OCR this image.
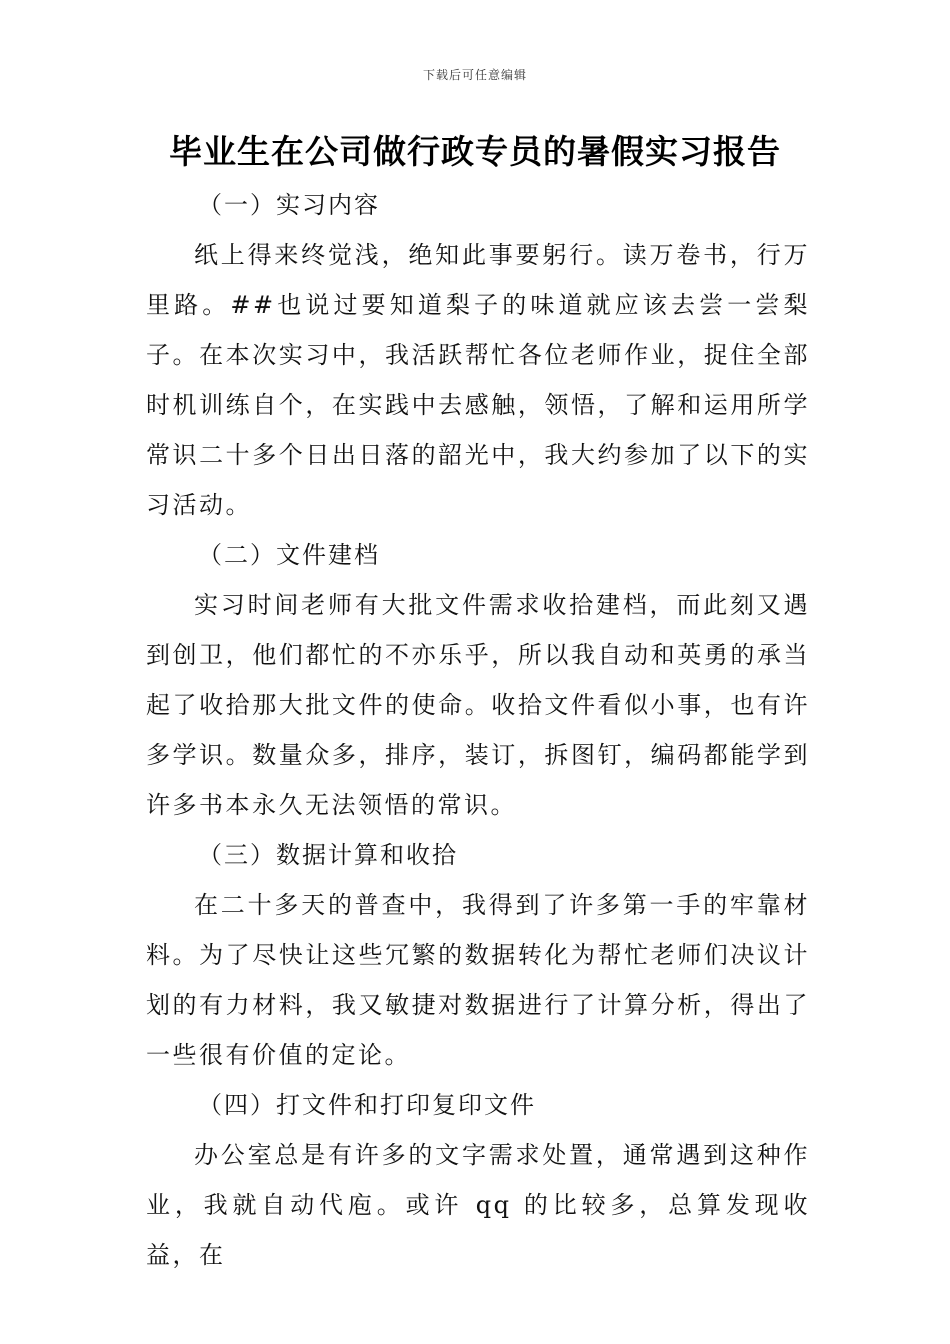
下载后可任意编辑
毕业生在公司做行政专员的暑假实习报告

（一）实习内容

纸上得来终觉浅，绝知此事要躬行。读万卷书，行万里路。##也说过要知道梨子的味道就应该去尝一尝梨子。在本次实习中，我活跃帮忙各位老师作业，捉住全部时机训练自个，在实践中去感触，领悟，了解和运用所学常识二十多个日出日落的韶光中，我大约参加了以下的实习活动。

（二）文件建档

实习时间老师有大批文件需求收拾建档，而此刻又遇到创卫，他们都忙的不亦乐乎，所以我自动和英勇的承当起了收拾那大批文件的使命。收拾文件看似小事，也有许多学识。数量众多，排序，装订，拆图钉，编码都能学到许多书本永久无法领悟的常识。

（三）数据计算和收拾

在二十多天的普查中，我得到了许多第一手的牢靠材料。为了尽快让这些冗繁的数据转化为帮忙老师们决议计划的有力材料，我又敏捷对数据进行了计算分析，得出了一些很有价值的定论。

（四）打文件和打印复印文件

办公室总是有许多的文字需求处置，通常遇到这种作业，我就自动代庖。或许 qq 的比较多，总算发现收益，在
